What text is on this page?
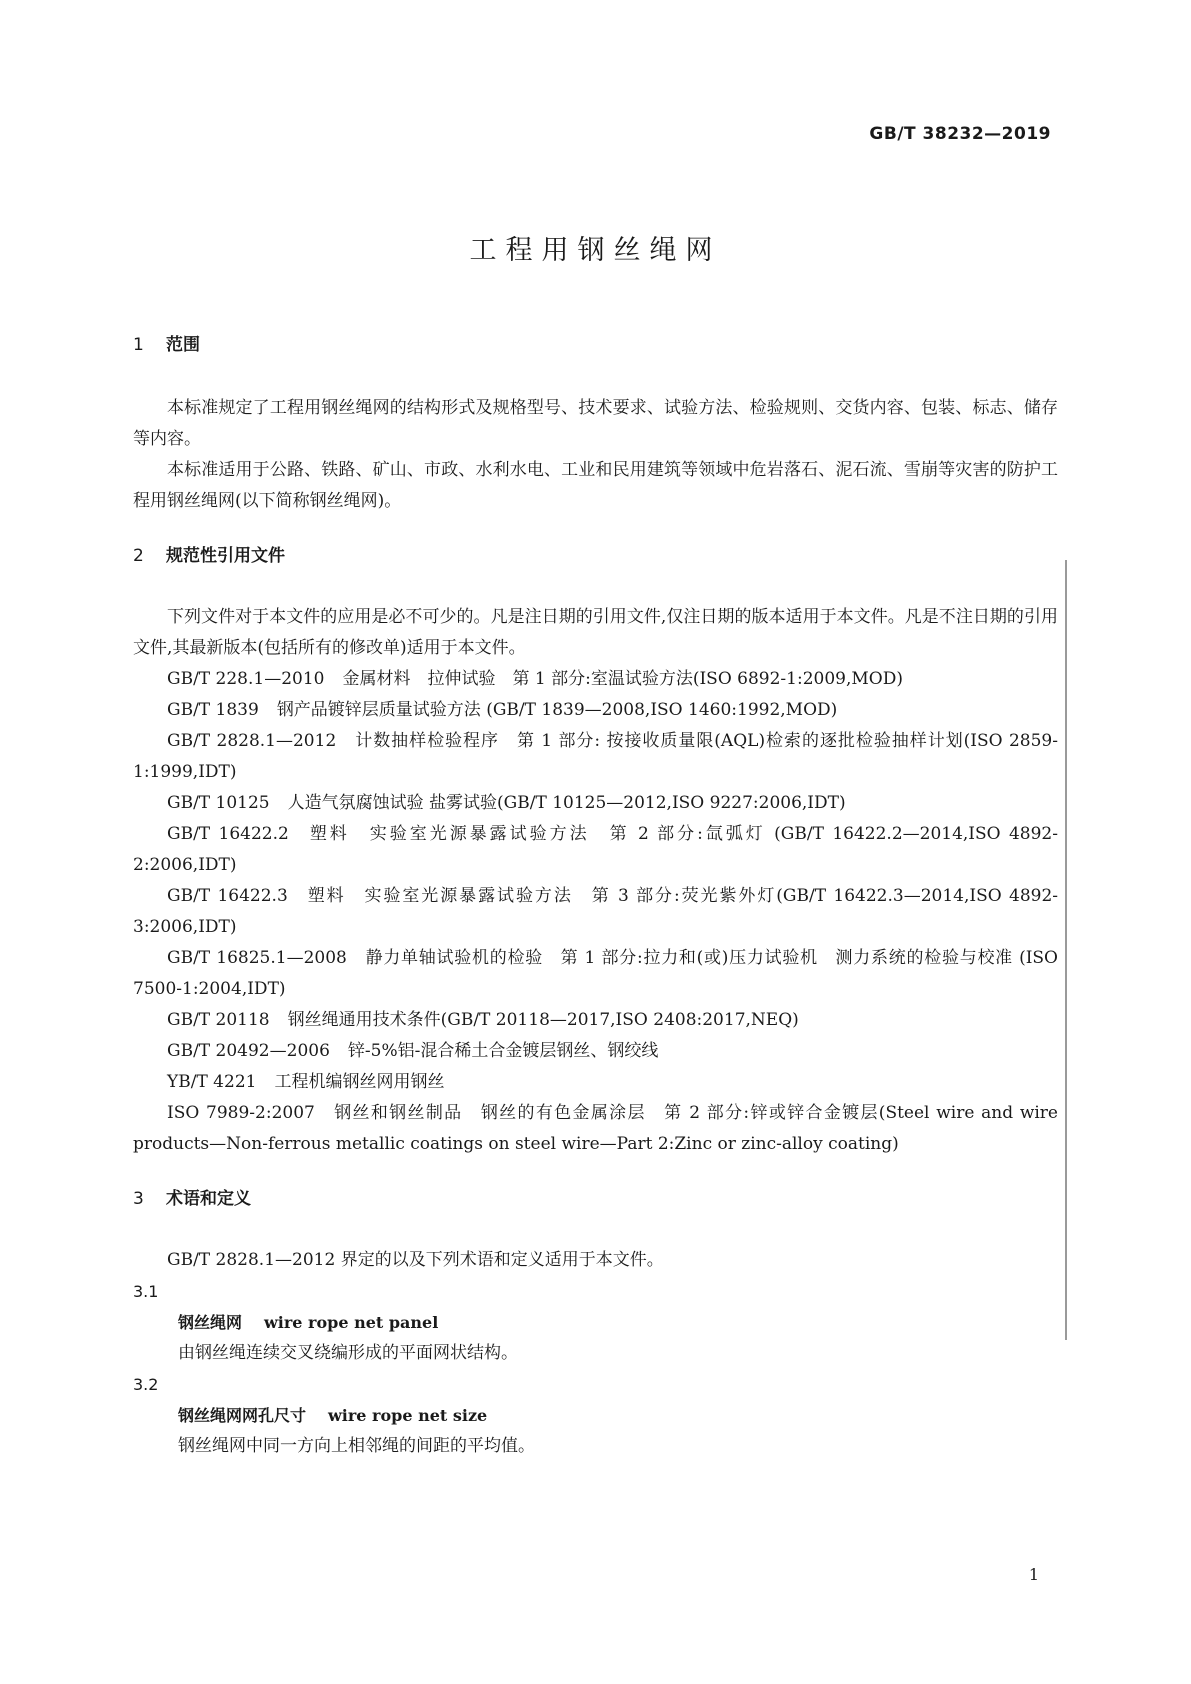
GB/T 38232—2019
工程用钢丝绳网
1 范围

本标准规定了工程用钢丝绳网的结构形式及规格型号、技术要求、试验方法、检验规则、交货内容、包装、标志、储存等内容。

本标准适用于公路、铁路、矿山、市政、水利水电、工业和民用建筑等领域中危岩落石、泥石流、雪崩等灾害的防护工程用钢丝绳网(以下简称钢丝绳网)。

2 规范性引用文件

下列文件对于本文件的应用是必不可少的。凡是注日期的引用文件,仅注日期的版本适用于本文件。凡是不注日期的引用文件,其最新版本(包括所有的修改单)适用于本文件。

GB/T 228.1—2010 金属材料　拉伸试验　第 1 部分:室温试验方法(ISO 6892-1:2009,MOD)

GB/T 1839 钢产品镀锌层质量试验方法 (GB/T 1839—2008,ISO 1460:1992,MOD)

GB/T 2828.1—2012 计数抽样检验程序　第 1 部分: 按接收质量限(AQL)检索的逐批检验抽样计划(ISO 2859-1:1999,IDT)

GB/T 10125 人造气氛腐蚀试验 盐雾试验(GB/T 10125—2012,ISO 9227:2006,IDT)

GB/T 16422.2 塑料　实验室光源暴露试验方法　第 2 部分:氙弧灯 (GB/T 16422.2—2014,ISO 4892-2:2006,IDT)

GB/T 16422.3 塑料　实验室光源暴露试验方法　第 3 部分:荧光紫外灯(GB/T 16422.3—2014,ISO 4892-3:2006,IDT)

GB/T 16825.1—2008 静力单轴试验机的检验　第 1 部分:拉力和(或)压力试验机　测力系统的检验与校准 (ISO 7500-1:2004,IDT)

GB/T 20118 钢丝绳通用技术条件(GB/T 20118—2017,ISO 2408:2017,NEQ)

GB/T 20492—2006 锌-5%铝-混合稀土合金镀层钢丝、钢绞线

YB/T 4221 工程机编钢丝网用钢丝

ISO 7989-2:2007 钢丝和钢丝制品　钢丝的有色金属涂层　第 2 部分:锌或锌合金镀层(Steel wire and wire products—Non-ferrous metallic coatings on steel wire—Part 2:Zinc or zinc-alloy coating)

3 术语和定义

GB/T 2828.1—2012 界定的以及下列术语和定义适用于本文件。

3.1

钢丝绳网 wire rope net panel

由钢丝绳连续交叉绕编形成的平面网状结构。

3.2

钢丝绳网网孔尺寸 wire rope net size

钢丝绳网中同一方向上相邻绳的间距的平均值。

1
